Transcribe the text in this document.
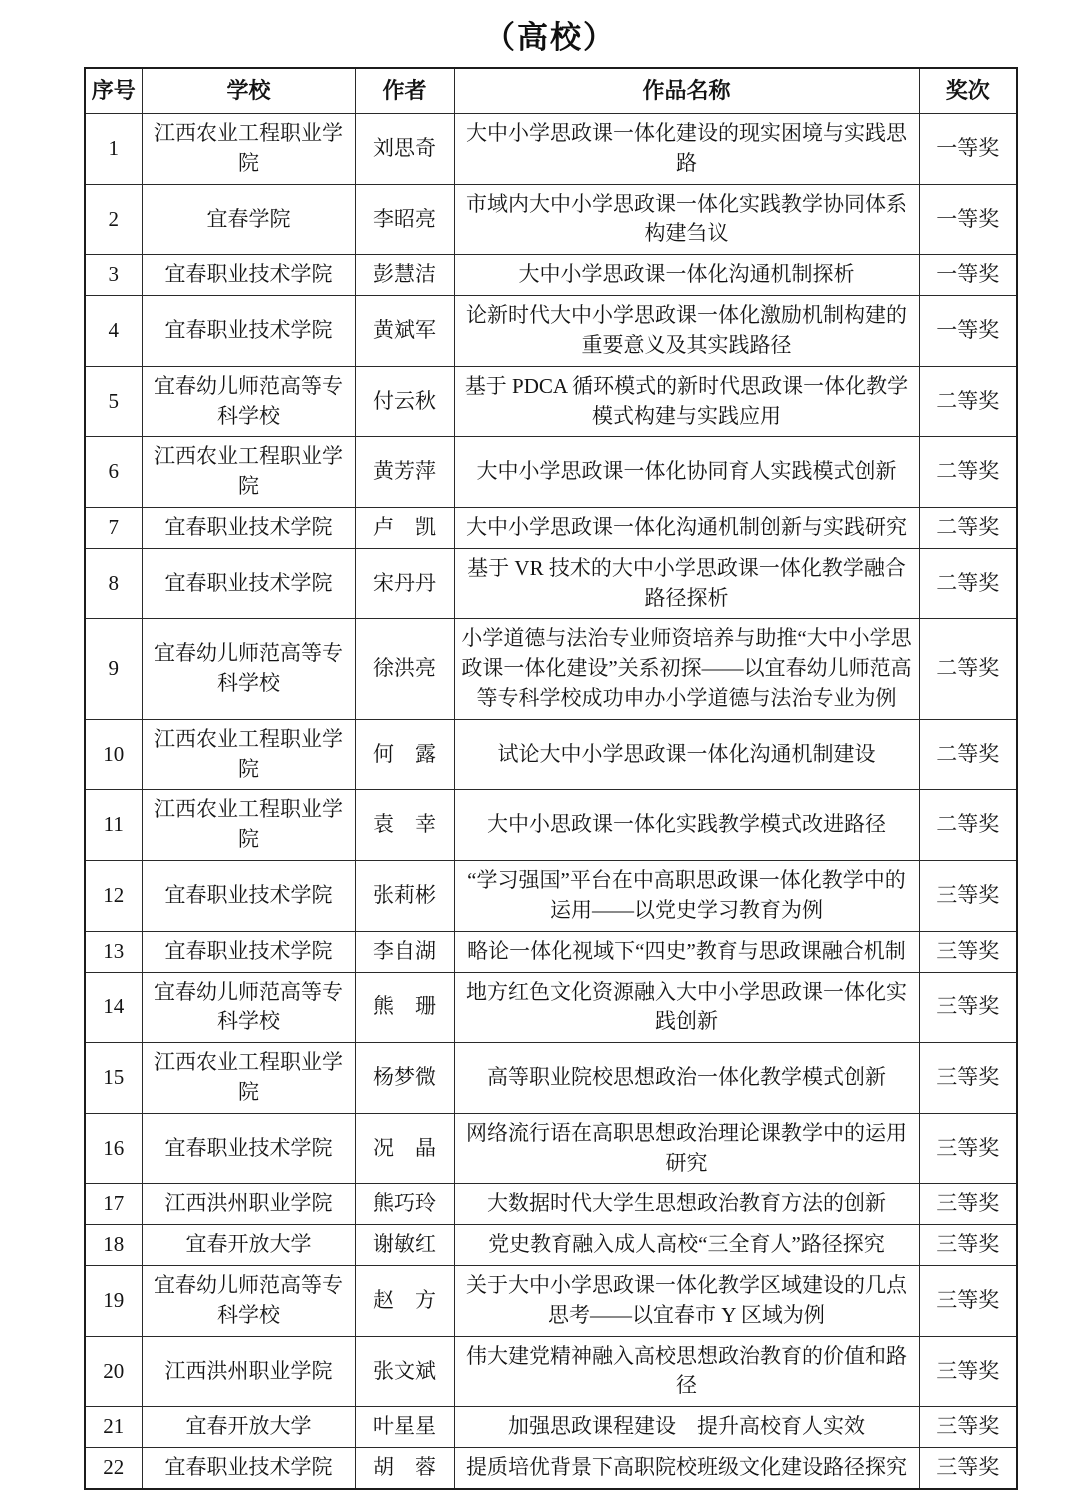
（高校）
序号	学校	作者	作品名称	奖次
1	江西农业工程职业学院	刘思奇	大中小学思政课一体化建设的现实困境与实践思路	一等奖
2	宜春学院	李昭亮	市域内大中小学思政课一体化实践教学协同体系构建刍议	一等奖
3	宜春职业技术学院	彭慧洁	大中小学思政课一体化沟通机制探析	一等奖
4	宜春职业技术学院	黄斌军	论新时代大中小学思政课一体化激励机制构建的重要意义及其实践路径	一等奖
5	宜春幼儿师范高等专科学校	付云秋	基于 PDCA 循环模式的新时代思政课一体化教学模式构建与实践应用	二等奖
6	江西农业工程职业学院	黄芳萍	大中小学思政课一体化协同育人实践模式创新	二等奖
7	宜春职业技术学院	卢　凯	大中小学思政课一体化沟通机制创新与实践研究	二等奖
8	宜春职业技术学院	宋丹丹	基于 VR 技术的大中小学思政课一体化教学融合路径探析	二等奖
9	宜春幼儿师范高等专科学校	徐洪亮	小学道德与法治专业师资培养与助推“大中小学思政课一体化建设”关系初探——以宜春幼儿师范高等专科学校成功申办小学道德与法治专业为例	二等奖
10	江西农业工程职业学院	何　露	试论大中小学思政课一体化沟通机制建设	二等奖
11	江西农业工程职业学院	袁　幸	大中小思政课一体化实践教学模式改进路径	二等奖
12	宜春职业技术学院	张莉彬	“学习强国”平台在中高职思政课一体化教学中的运用——以党史学习教育为例	三等奖
13	宜春职业技术学院	李自湖	略论一体化视域下“四史”教育与思政课融合机制	三等奖
14	宜春幼儿师范高等专科学校	熊　珊	地方红色文化资源融入大中小学思政课一体化实践创新	三等奖
15	江西农业工程职业学院	杨梦微	高等职业院校思想政治一体化教学模式创新	三等奖
16	宜春职业技术学院	况　晶	网络流行语在高职思想政治理论课教学中的运用研究	三等奖
17	江西洪州职业学院	熊巧玲	大数据时代大学生思想政治教育方法的创新	三等奖
18	宜春开放大学	谢敏红	党史教育融入成人高校“三全育人”路径探究	三等奖
19	宜春幼儿师范高等专科学校	赵　方	关于大中小学思政课一体化教学区域建设的几点思考——以宜春市 Y 区域为例	三等奖
20	江西洪州职业学院	张文斌	伟大建党精神融入高校思想政治教育的价值和路径	三等奖
21	宜春开放大学	叶星星	加强思政课程建设　提升高校育人实效	三等奖
22	宜春职业技术学院	胡　蓉	提质培优背景下高职院校班级文化建设路径探究	三等奖
